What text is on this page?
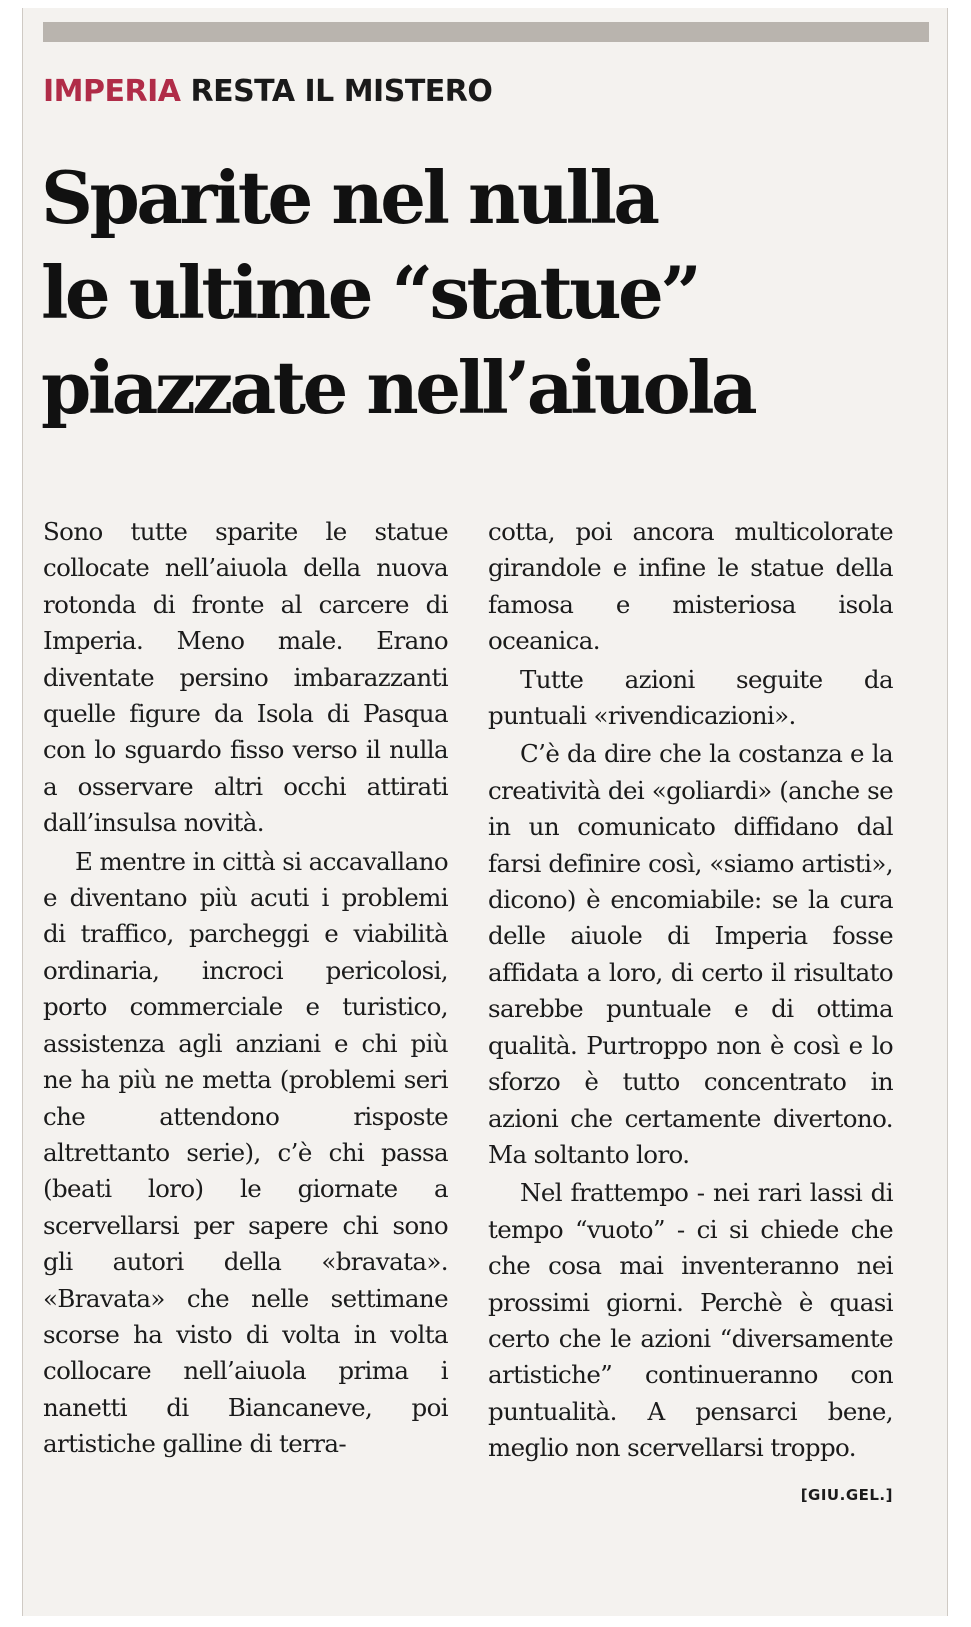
IMPERIA RESTA IL MISTERO
Sparite nel nulla
le ultime “statue”
piazzate nell’aiuola

Sono tutte sparite le statue collocate nell’aiuola della nuova rotonda di fronte al carcere di Imperia. Meno male. Erano diventate persino imbarazzanti quelle figure da Isola di Pasqua con lo sguardo fisso verso il nulla a osservare altri occhi attirati dall’insulsa novità.

E mentre in città si accavallano e diventano più acuti i problemi di traffico, parcheggi e viabilità ordinaria, incroci pericolosi, porto commerciale e turistico, assistenza agli anziani e chi più ne ha più ne metta (problemi seri che attendono risposte altrettanto serie), c’è chi passa (beati loro) le giornate a scervellarsi per sapere chi sono gli autori della «bravata». «Bravata» che nelle settimane scorse ha visto di volta in volta collocare nell’aiuola prima i nanetti di Biancaneve, poi artistiche galline di terra-

cotta, poi ancora multicolorate girandole e infine le statue della famosa e misteriosa isola oceanica.

Tutte azioni seguite da puntuali «rivendicazioni».

C’è da dire che la costanza e la creatività dei «goliardi» (anche se in un comunicato diffidano dal farsi definire così, «siamo artisti», dicono) è encomiabile: se la cura delle aiuole di Imperia fosse affidata a loro, di certo il risultato sarebbe puntuale e di ottima qualità. Purtroppo non è così e lo sforzo è tutto concentrato in azioni che certamente divertono. Ma soltanto loro.

Nel frattempo - nei rari lassi di tempo “vuoto” - ci si chiede che che cosa mai inventeranno nei prossimi giorni. Perchè è quasi certo che le azioni “diversamente artistiche” continueranno con puntualità. A pensarci bene, meglio non scervellarsi troppo.
[GIU.GEL.]
